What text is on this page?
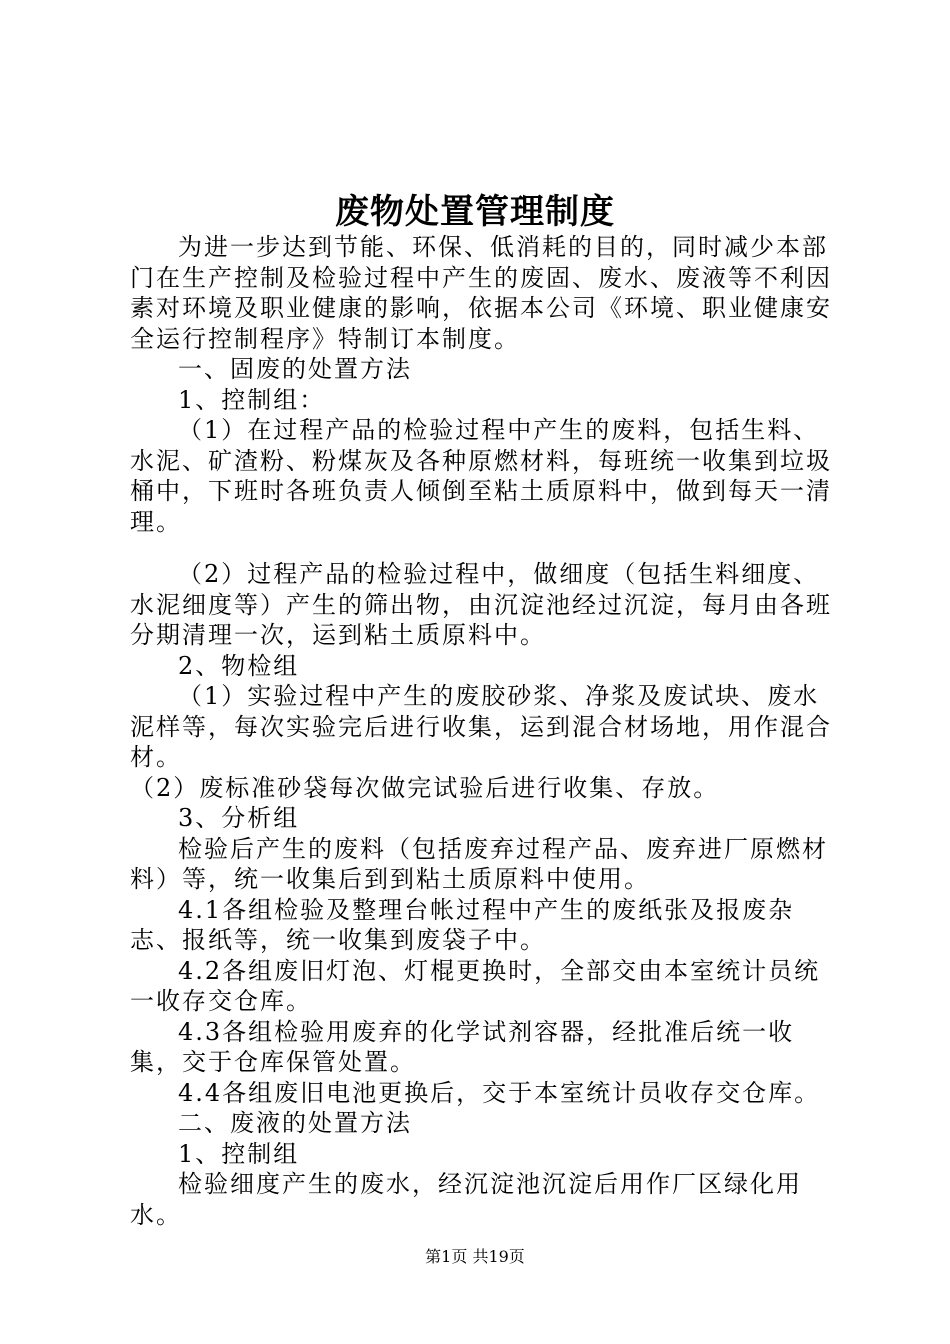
废物处置管理制度

为进一步达到节能、环保、低消耗的目的，同时减少本部门在生产控制及检验过程中产生的废固、废水、废液等不利因素对环境及职业健康的影响，依据本公司《环境、职业健康安全运行控制程序》特制订本制度。

一、固废的处置方法

1、控制组：

（1）在过程产品的检验过程中产生的废料，包括生料、水泥、矿渣粉、粉煤灰及各种原燃材料，每班统一收集到垃圾桶中，下班时各班负责人倾倒至粘土质原料中，做到每天一清理。

（2）过程产品的检验过程中，做细度（包括生料细度、水泥细度等）产生的筛出物，由沉淀池经过沉淀，每月由各班分期清理一次，运到粘土质原料中。

2、物检组

（1）实验过程中产生的废胶砂浆、净浆及废试块、废水泥样等，每次实验完后进行收集，运到混合材场地，用作混合材。

（2）废标准砂袋每次做完试验后进行收集、存放。

3、分析组

检验后产生的废料（包括废弃过程产品、废弃进厂原燃材料）等，统一收集后到到粘土质原料中使用。

4.1各组检验及整理台帐过程中产生的废纸张及报废杂志、报纸等，统一收集到废袋子中。

4.2各组废旧灯泡、灯棍更换时，全部交由本室统计员统一收存交仓库。

4.3各组检验用废弃的化学试剂容器，经批准后统一收集，交于仓库保管处置。

4.4各组废旧电池更换后，交于本室统计员收存交仓库。

二、废液的处置方法

1、控制组

检验细度产生的废水，经沉淀池沉淀后用作厂区绿化用水。

第1页 共19页
